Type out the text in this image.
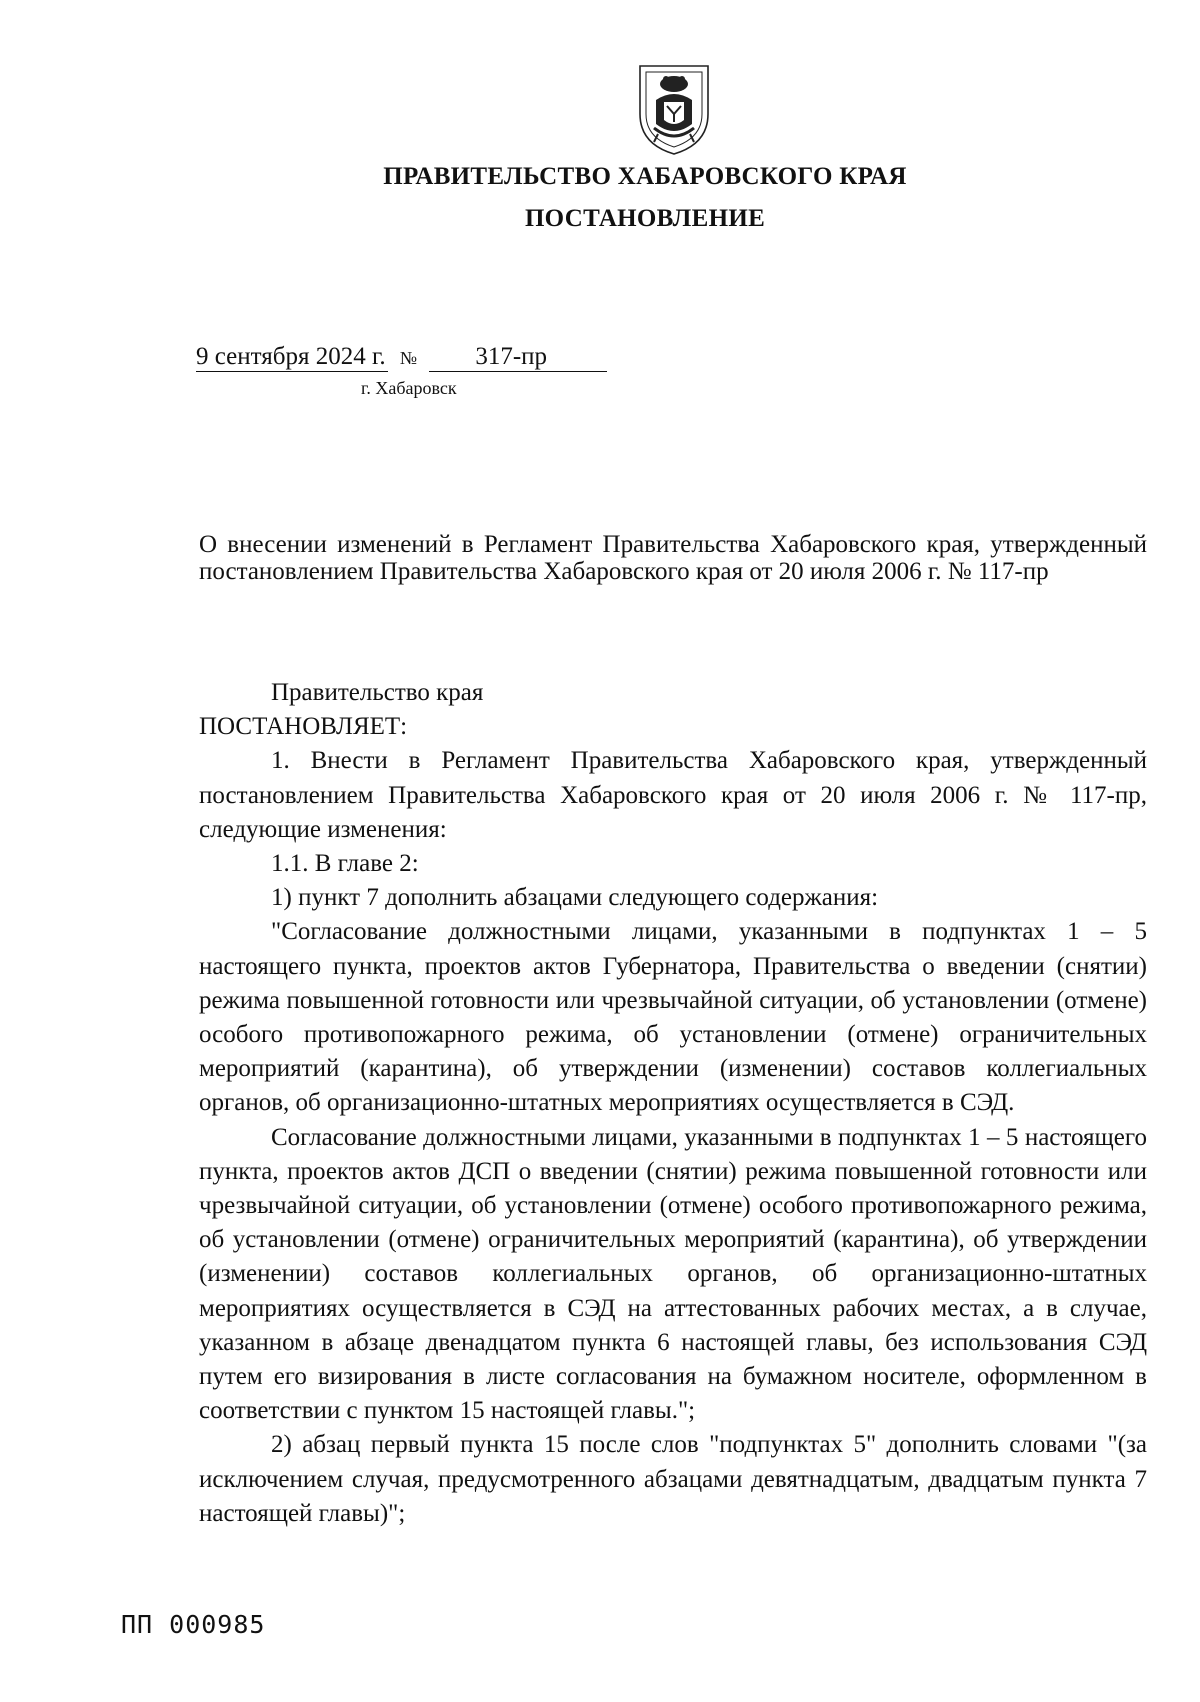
ПРАВИТЕЛЬСТВО ХАБАРОВСКОГО КРАЯ
ПОСТАНОВЛЕНИЕ
9 сентября 2024 г. № 317-пр
г. Хабаровск
О внесении изменений в Регламент Правительства Хабаровского края, утвержденный постановлением Правительства Хабаровского края от 20 июля 2006 г. № 117-пр

Правительство края

ПОСТАНОВЛЯЕТ:

1. Внести в Регламент Правительства Хабаровского края, утвержденный постановлением Правительства Хабаровского края от 20 июля 2006 г. № 117-пр, следующие изменения:

1.1. В главе 2:

1) пункт 7 дополнить абзацами следующего содержания:

"Согласование должностными лицами, указанными в подпунктах 1 – 5 настоящего пункта, проектов актов Губернатора, Правительства о введении (снятии) режима повышенной готовности или чрезвычайной ситуации, об установлении (отмене) особого противопожарного режима, об установлении (отмене) ограничительных мероприятий (карантина), об утверждении (изменении) составов коллегиальных органов, об организационно-штатных мероприятиях осуществляется в СЭД.

Согласование должностными лицами, указанными в подпунктах 1 – 5 настоящего пункта, проектов актов ДСП о введении (снятии) режима повышенной готовности или чрезвычайной ситуации, об установлении (отмене) особого противопожарного режима, об установлении (отмене) ограничительных мероприятий (карантина), об утверждении (изменении) составов коллегиальных органов, об организационно-штатных мероприятиях осуществляется в СЭД на аттестованных рабочих местах, а в случае, указанном в абзаце двенадцатом пункта 6 настоящей главы, без использования СЭД путем его визирования в листе согласования на бумажном носителе, оформленном в соответствии с пунктом 15 настоящей главы.";

2) абзац первый пункта 15 после слов "подпунктах 5" дополнить словами "(за исключением случая, предусмотренного абзацами девятнадцатым, двадцатым пункта 7 настоящей главы)";

ПП 000985
